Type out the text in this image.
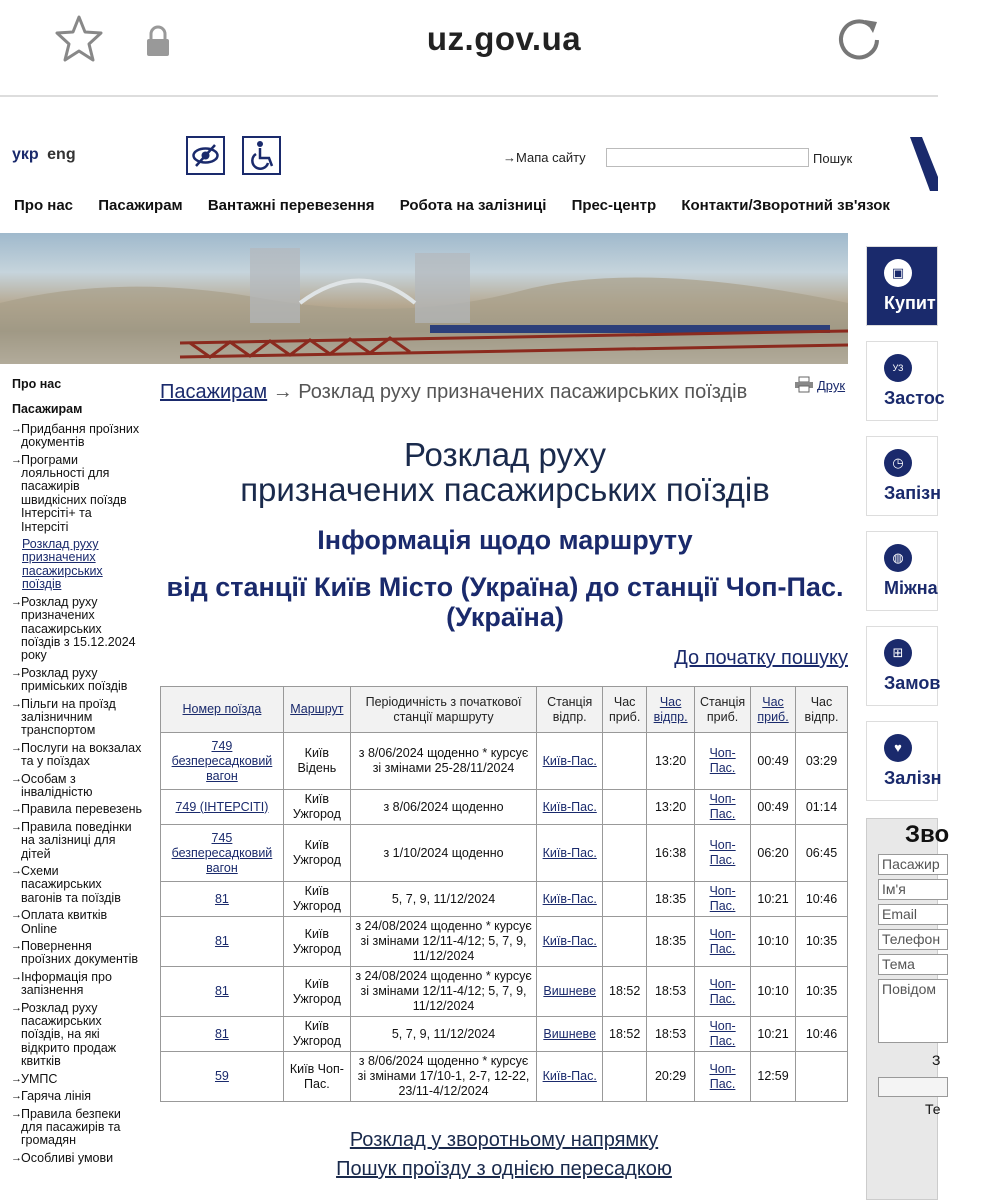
uz.gov.ua
укр eng	→Мапа сайту	Пошук
Про нас Пасажирам Вантажні перевезення Робота на залізниці Прес-центр Контакти/Зворотний зв'язок
▣
Купит
УЗ
Застос
◷
Запізн
◍
Міжна
⊞
Замов
♥
Залізн
Зво
Пасажир
Ім'я
Email
Телефон
Тема
Повідом
З
Те
Про нас
Пасажирам
→ Придбання проїзних документів
→ Програми лояльності для пасажирів швидкісних поїздв Інтерсіті+ та Інтерсіті
Розклад руху призначених пасажирських поїздів
→ Розклад руху призначених пасажирських поїздів з 15.12.2024 року
→ Розклад руху приміських поїздів
→ Пільги на проїзд залізничним транспортом
→ Послуги на вокзалах та у поїздах
→ Особам з інвалідністю
→ Правила перевезень
→ Правила поведінки на залізниці для дітей
→ Схеми пасажирських вагонів та поїздів
→ Оплата квитків Online
→ Повернення проїзних документів
→ Інформація про запізнення
→ Розклад руху пасажирських поїздів, на які відкрито продаж квитків
→ УМПС
→ Гаряча лінія
→ Правила безпеки для пасажирів та громадян
→ Особливі умови
Пасажирам → Розклад руху призначених пасажирських поїздів	Друк
Розклад руху
призначених пасажирських поїздів
Інформація щодо маршруту
від станції Київ Місто (Україна) до станції Чоп-Пас. (Україна)
До початку пошуку
Номер поїзда	Маршрут	Періодичність з початкової станції маршруту	Станція відпр.	Час приб.	Час відпр.	Станція приб.	Час приб.	Час відпр.
749 безпересадковий вагон	Київ Відень	з 8/06/2024 щоденно * курсує зі змінами 25-28/11/2024	Київ-Пас.		13:20	Чоп-Пас.	00:49	03:29
749 (ІНТЕРСІТІ)	Київ Ужгород	з 8/06/2024 щоденно	Київ-Пас.		13:20	Чоп-Пас.	00:49	01:14
745 безпересадковий вагон	Київ Ужгород	з 1/10/2024 щоденно	Київ-Пас.		16:38	Чоп-Пас.	06:20	06:45
81	Київ Ужгород	5, 7, 9, 11/12/2024	Київ-Пас.		18:35	Чоп-Пас.	10:21	10:46
81	Київ Ужгород	з 24/08/2024 щоденно * курсує зі змінами 12/11-4/12; 5, 7, 9, 11/12/2024	Київ-Пас.		18:35	Чоп-Пас.	10:10	10:35
81	Київ Ужгород	з 24/08/2024 щоденно * курсує зі змінами 12/11-4/12; 5, 7, 9, 11/12/2024	Вишневе	18:52	18:53	Чоп-Пас.	10:10	10:35
81	Київ Ужгород	5, 7, 9, 11/12/2024	Вишневе	18:52	18:53	Чоп-Пас.	10:21	10:46
59	Київ Чоп-Пас.	з 8/06/2024 щоденно * курсує зі змінами 17/10-1, 2-7, 12-22, 23/11-4/12/2024	Київ-Пас.		20:29	Чоп-Пас.	12:59	
Розклад у зворотньому напрямку
Пошук проїзду з однією пересадкою
